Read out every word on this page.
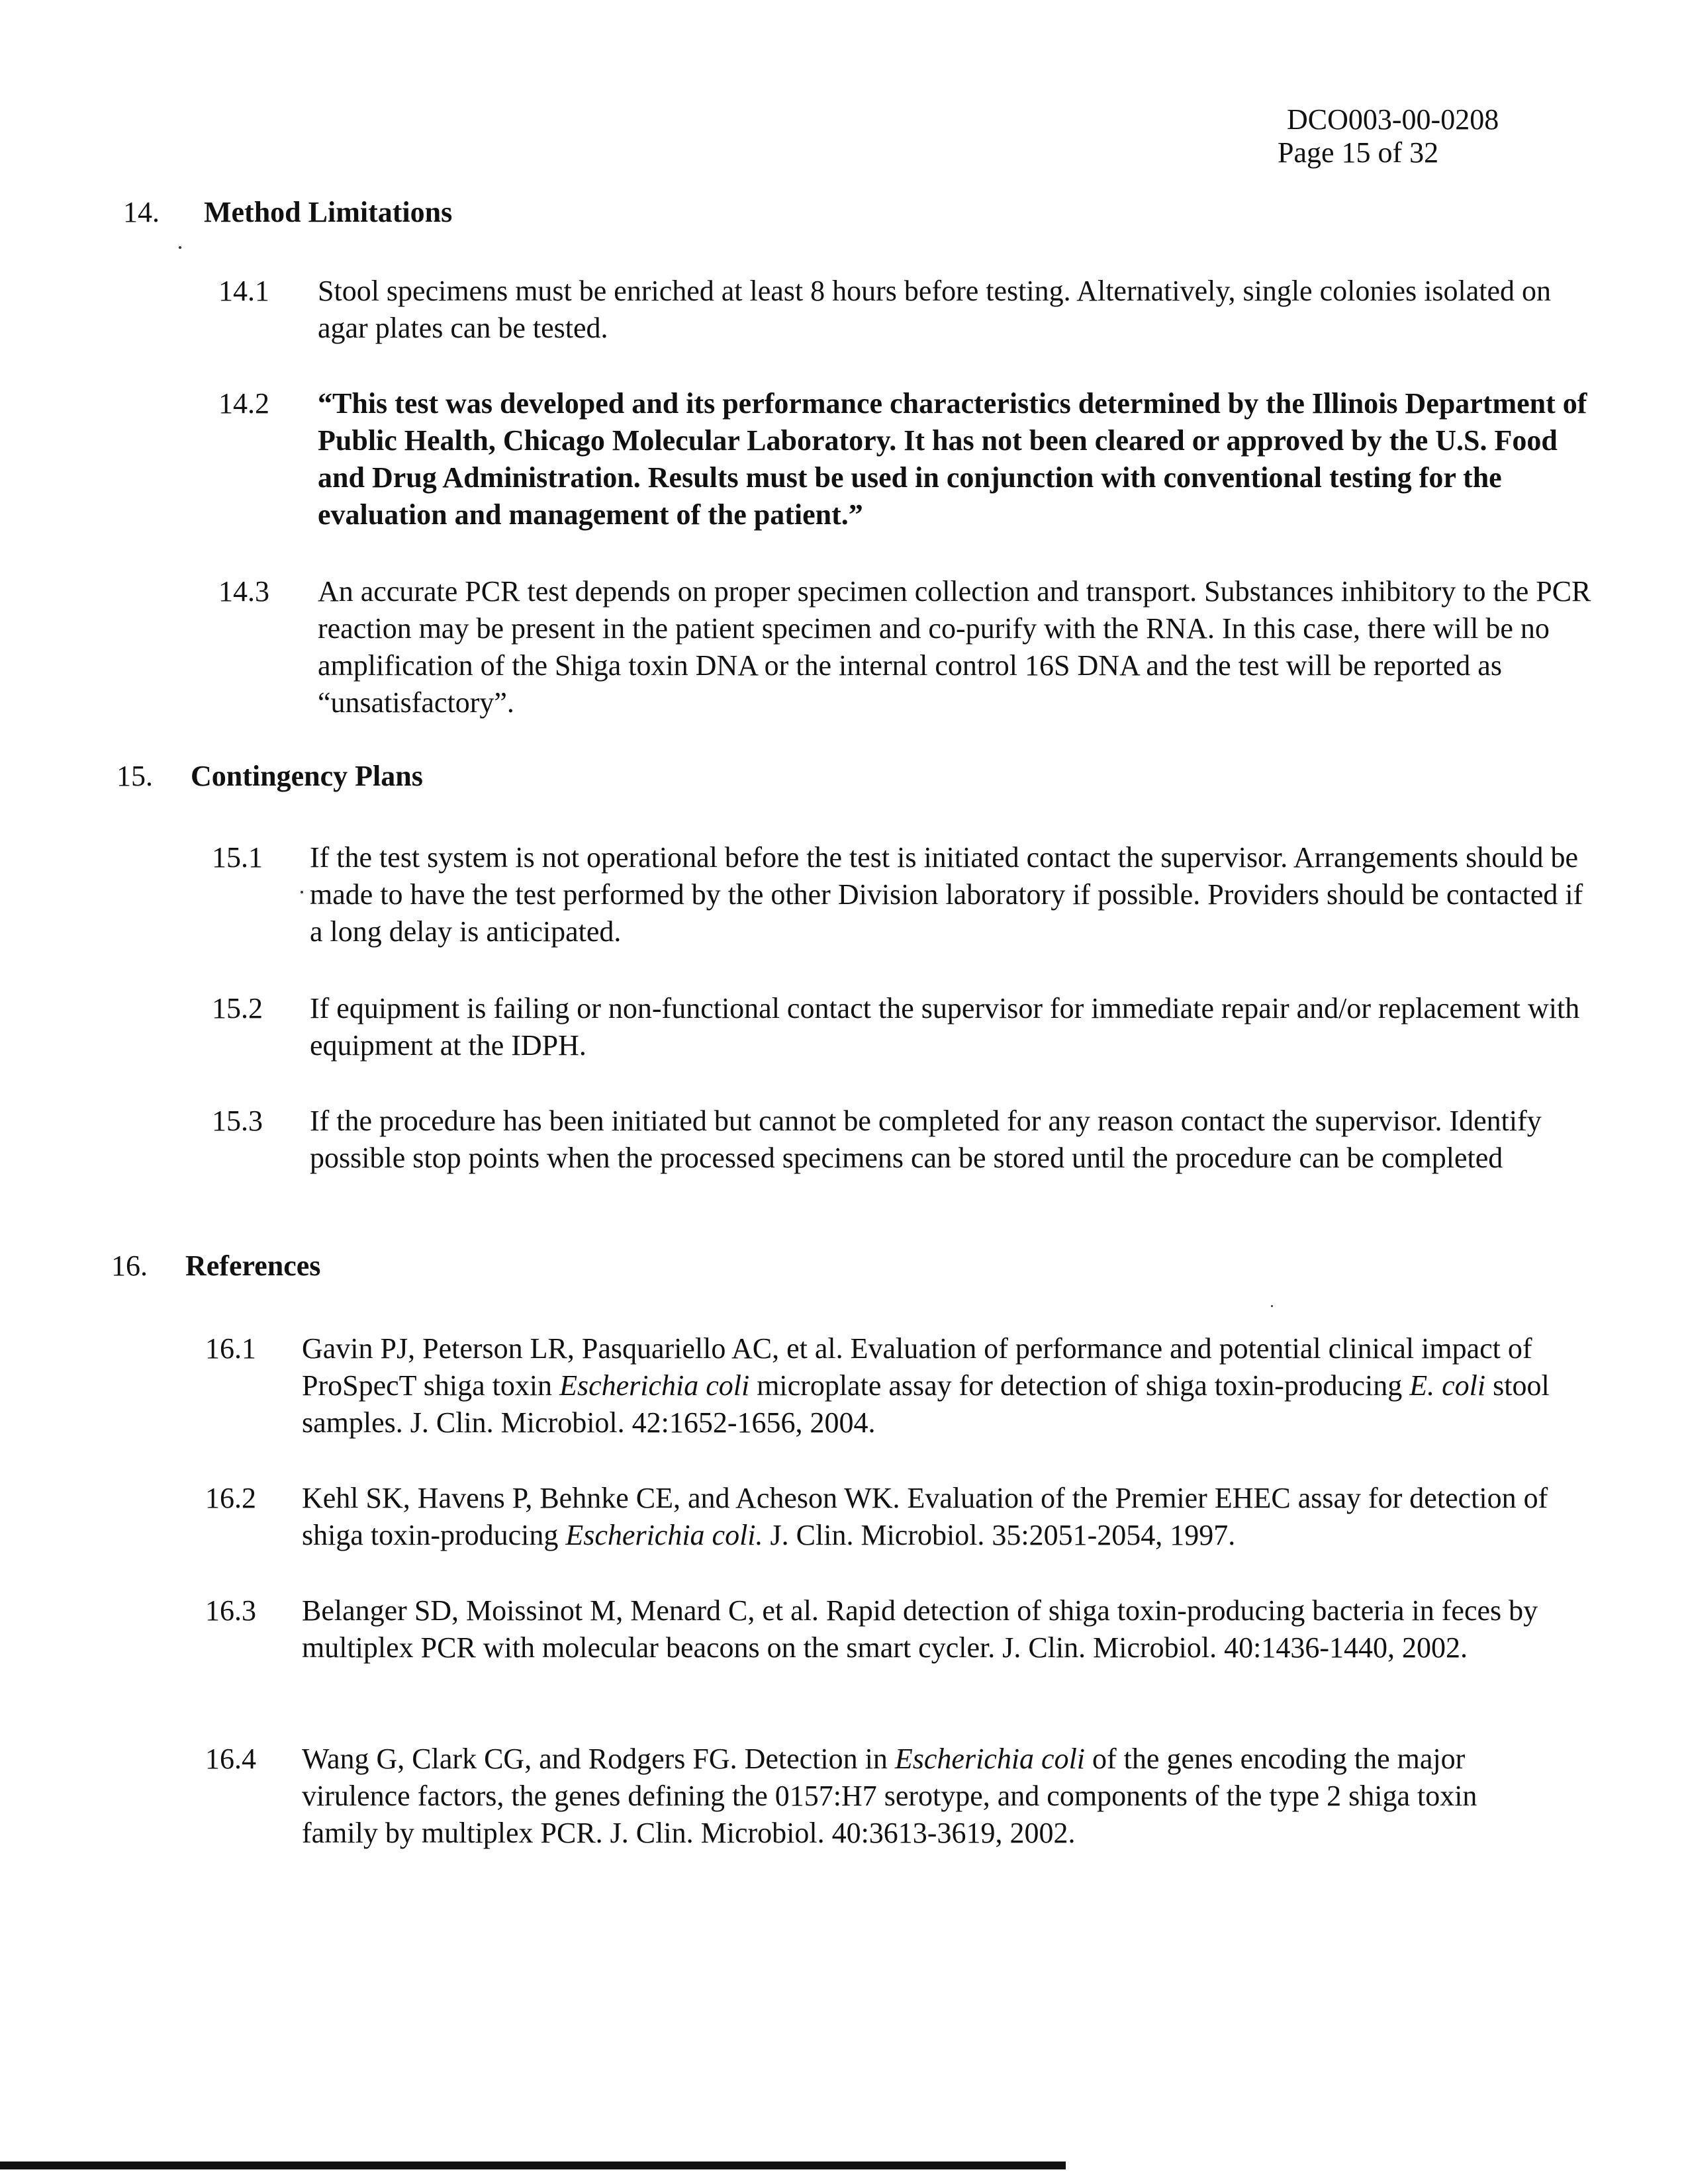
DCO003-00-0208
Page 15 of 32
14. Method Limitations
14.1 Stool specimens must be enriched at least 8 hours before testing. Alternatively, single colonies isolated on agar plates can be tested.
14.2 “This test was developed and its performance characteristics determined by the Illinois Department of Public Health, Chicago Molecular Laboratory. It has not been cleared or approved by the U.S. Food and Drug Administration. Results must be used in conjunction with conventional testing for the evaluation and management of the patient.”
14.3 An accurate PCR test depends on proper specimen collection and transport. Substances inhibitory to the PCR reaction may be present in the patient specimen and co-purify with the RNA. In this case, there will be no amplification of the Shiga toxin DNA or the internal control 16S DNA and the test will be reported as “unsatisfactory”.
15. Contingency Plans
15.1 If the test system is not operational before the test is initiated contact the supervisor. Arrangements should be made to have the test performed by the other Division laboratory if possible. Providers should be contacted if a long delay is anticipated.
15.2 If equipment is failing or non-functional contact the supervisor for immediate repair and/or replacement with equipment at the IDPH.
15.3 If the procedure has been initiated but cannot be completed for any reason contact the supervisor. Identify possible stop points when the processed specimens can be stored until the procedure can be completed
16. References
16.1 Gavin PJ, Peterson LR, Pasquariello AC, et al. Evaluation of performance and potential clinical impact of ProSpecT shiga toxin Escherichia coli microplate assay for detection of shiga toxin-producing E. coli stool samples. J. Clin. Microbiol. 42:1652-1656, 2004.
16.2 Kehl SK, Havens P, Behnke CE, and Acheson WK. Evaluation of the Premier EHEC assay for detection of shiga toxin-producing Escherichia coli. J. Clin. Microbiol. 35:2051-2054, 1997.
16.3 Belanger SD, Moissinot M, Menard C, et al. Rapid detection of shiga toxin-producing bacteria in feces by multiplex PCR with molecular beacons on the smart cycler. J. Clin. Microbiol. 40:1436-1440, 2002.
16.4 Wang G, Clark CG, and Rodgers FG. Detection in Escherichia coli of the genes encoding the major virulence factors, the genes defining the 0157:H7 serotype, and components of the type 2 shiga toxin family by multiplex PCR. J. Clin. Microbiol. 40:3613-3619, 2002.
